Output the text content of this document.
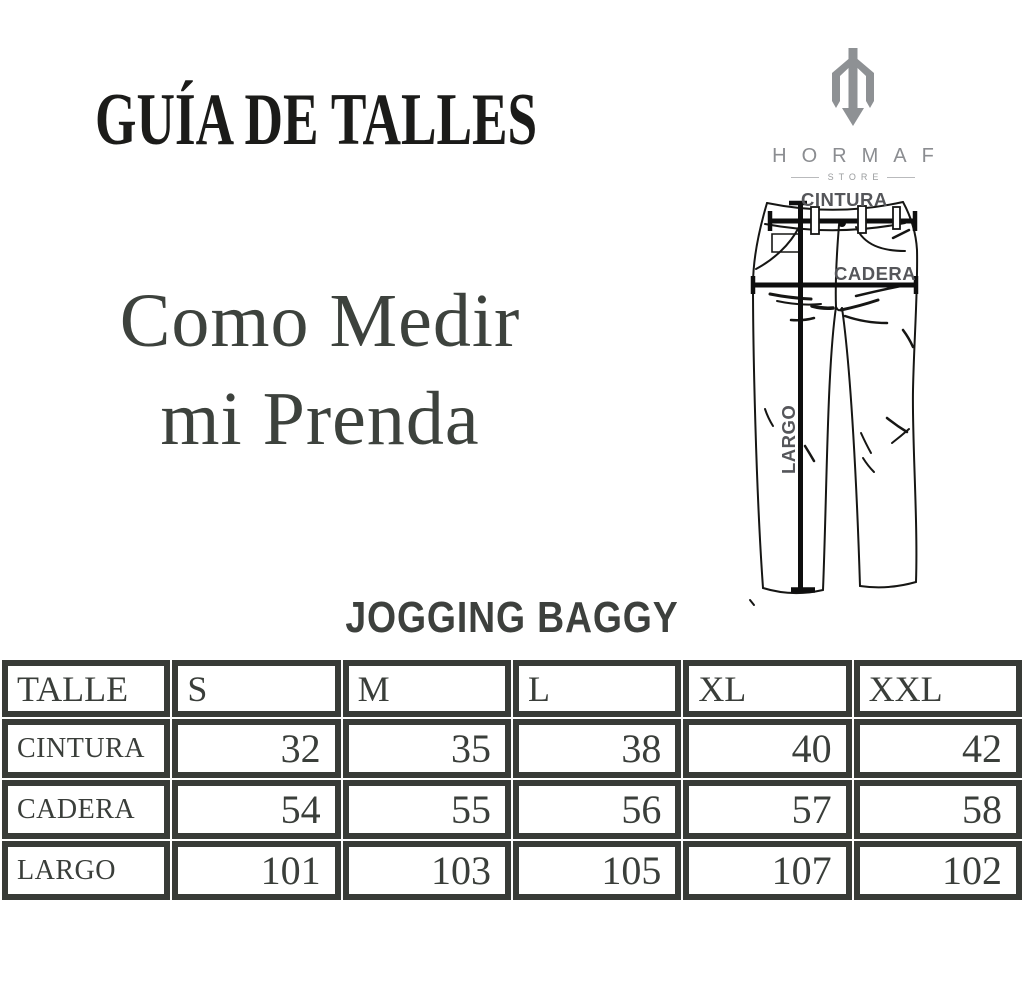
GUÍA DE TALLES	HORMAF
STORE
Como Medir
mi Prenda
CINTURA
CADERA
LARGO
JOGGING BAGGY
TALLE	S	M	L	XL	XXL
CINTURA	32	35	38	40	42
CADERA	54	55	56	57	58
LARGO	101	103	105	107	102
